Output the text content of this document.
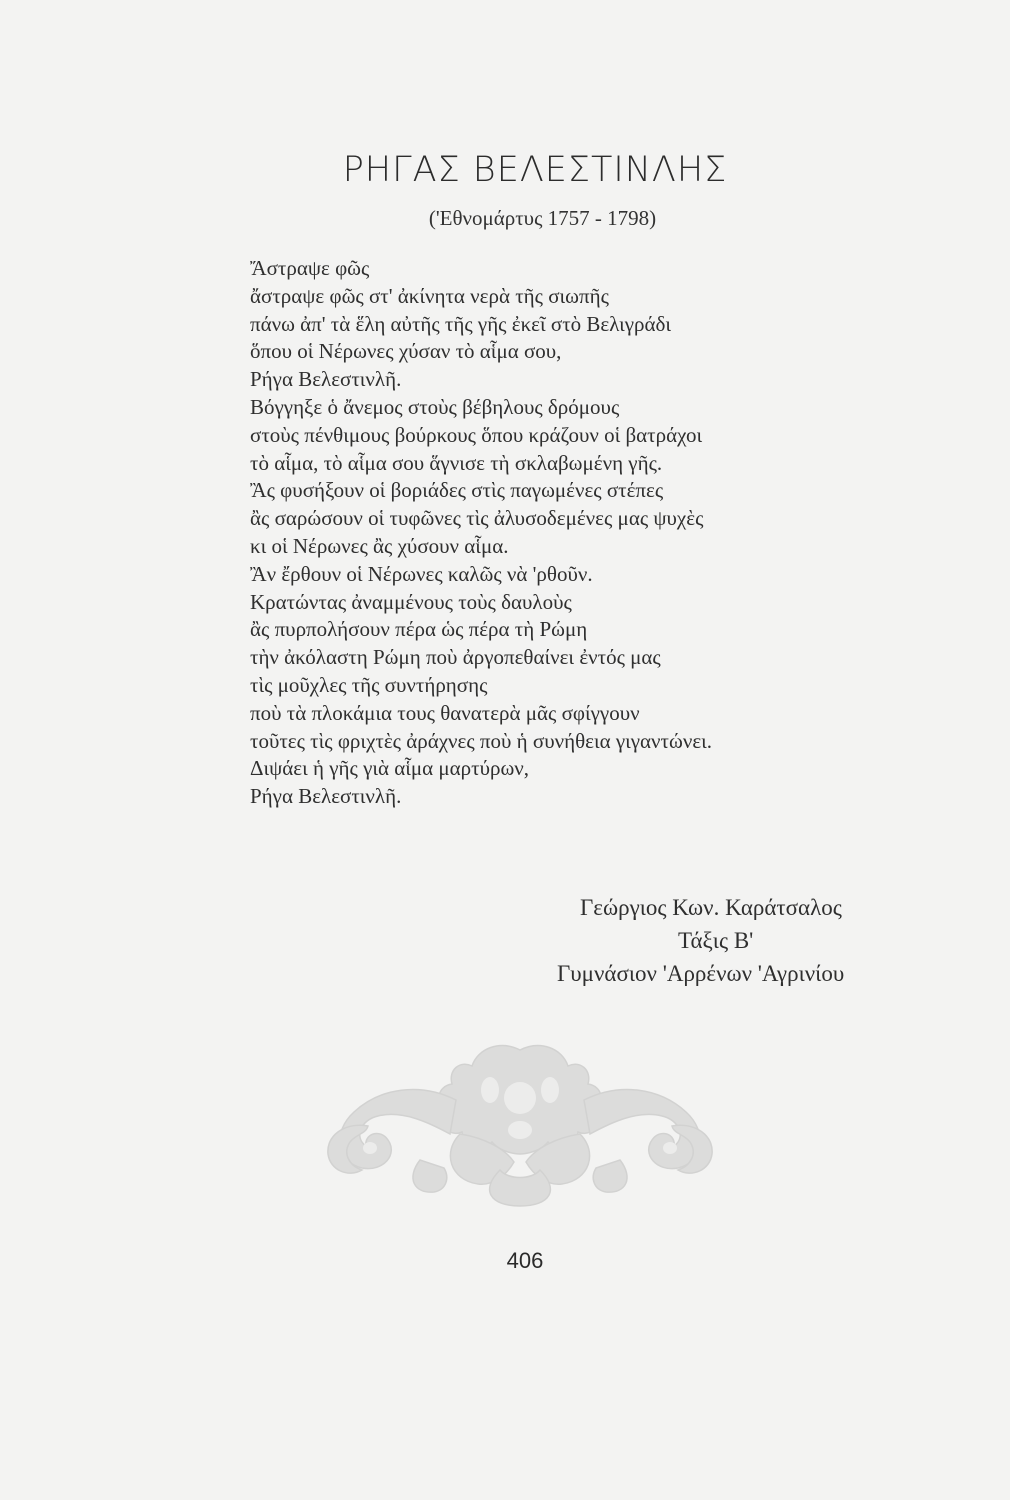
ΡΗΓΑΣ ΒΕΛΕΣΤΙΝΛΗΣ
('Εθνομάρτυς 1757 - 1798)
Ἄστραψε φῶς
ἄστραψε φῶς στ' ἀκίνητα νερὰ τῆς σιωπῆς
πάνω ἀπ' τὰ ἕλη αὐτῆς τῆς γῆς ἐκεῖ στὸ Βελιγράδι
ὅπου οἱ Νέρωνες χύσαν τὸ αἷμα σου,
Ρήγα Βελεστινλῆ.
Βόγγηξε ὁ ἄνεμος στοὺς βέβηλους δρόμους
στοὺς πένθιμους βούρκους ὅπου κράζουν οἱ βατράχοι
τὸ αἷμα, τὸ αἷμα σου ἅγνισε τὴ σκλαβωμένη γῆς.
Ἂς φυσήξουν οἱ βοριάδες στὶς παγωμένες στέπες
ἂς σαρώσουν οἱ τυφῶνες τὶς ἀλυσοδεμένες μας ψυχὲς
κι οἱ Νέρωνες ἂς χύσουν αἷμα.
Ἂν ἔρθουν οἱ Νέρωνες καλῶς νὰ 'ρθοῦν.
Κρατώντας ἀναμμένους τοὺς δαυλοὺς
ἂς πυρπολήσουν πέρα ὡς πέρα τὴ Ρώμη
τὴν ἀκόλαστη Ρώμη ποὺ ἀργοπεθαίνει ἐντός μας
τὶς μοῦχλες τῆς συντήρησης
ποὺ τὰ πλοκάμια τους θανατερὰ μᾶς σφίγγουν
τοῦτες τὶς φριχτὲς ἀράχνες ποὺ ἡ συνήθεια γιγαντώνει.
Διψάει ἡ γῆς γιὰ αἷμα μαρτύρων,
Ρήγα Βελεστινλῆ.
Γεώργιος Κων. Καράτσαλος
Τάξις Β'
Γυμνάσιον 'Αρρένων 'Αγρινίου
406
